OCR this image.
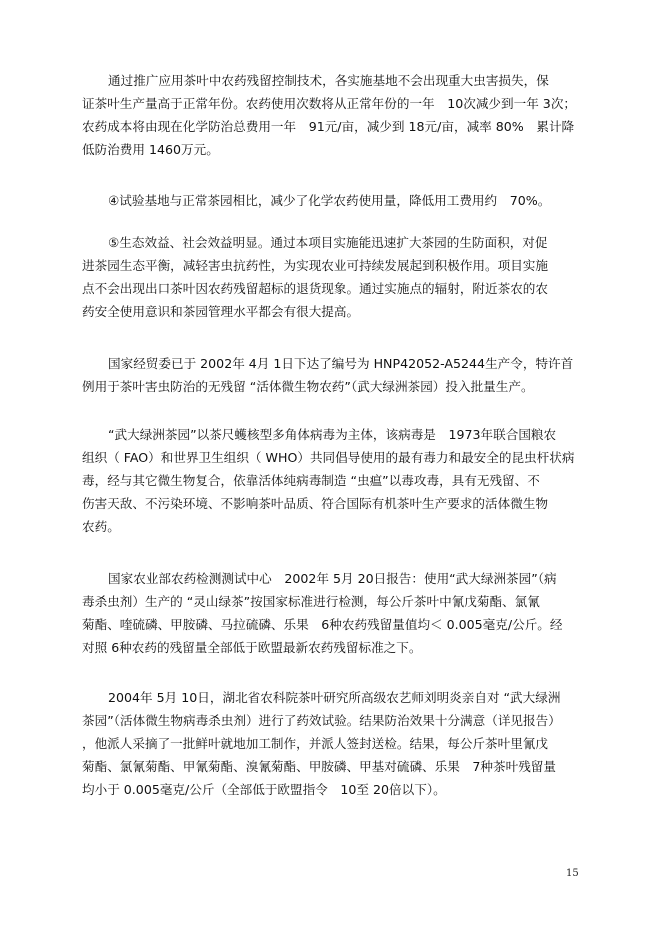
通过推广应用茶叶中农药残留控制技术，各实施基地不会出现重大虫害损失，保
证茶叶生产量高于正常年份。农药使用次数将从正常年份的一年　10次减少到一年 3次；
农药成本将由现在化学防治总费用一年　91元/亩，减少到 18元/亩，减率 80%　累计降
低防治费用 1460万元。

④试验基地与正常茶园相比，减少了化学农药使用量，降低用工费用约　70%。

⑤生态效益、社会效益明显。通过本项目实施能迅速扩大茶园的生防面积，对促
进茶园生态平衡，减轻害虫抗药性，为实现农业可持续发展起到积极作用。项目实施
点不会出现出口茶叶因农药残留超标的退货现象。通过实施点的辐射，附近茶农的农
药安全使用意识和茶园管理水平都会有很大提高。

国家经贸委已于 2002年 4月 1日下达了编号为 HNP42052-A5244生产令，特许首
例用于茶叶害虫防治的无残留 “活体微生物农药”（武大绿洲茶园）投入批量生产。

“武大绿洲茶园”以茶尺蠖核型多角体病毒为主体，该病毒是　1973年联合国粮农
组织（ FAO）和世界卫生组织（ WHO）共同倡导使用的最有毒力和最安全的昆虫杆状病
毒，经与其它微生物复合，依靠活体纯病毒制造 “虫瘟”以毒攻毒，具有无残留、不
伤害天敌、不污染环境、不影响茶叶品质、符合国际有机茶叶生产要求的活体微生物
农药。

国家农业部农药检测测试中心　2002年 5月 20日报告：使用“武大绿洲茶园”（病
毒杀虫剂）生产的 “灵山绿茶”按国家标准进行检测，每公斤茶叶中氰戊菊酯、氯氰
菊酯、喹硫磷、甲胺磷、马拉硫磷、乐果　6种农药残留量值均＜ 0.005毫克/公斤。经
对照 6种农药的残留量全部低于欧盟最新农药残留标准之下。

2004年 5月 10日，湖北省农科院茶叶研究所高级农艺师刘明炎亲自对 “武大绿洲
茶园”（活体微生物病毒杀虫剂）进行了药效试验。结果防治效果十分满意（详见报告）
，他派人采摘了一批鲜叶就地加工制作，并派人签封送检。结果，每公斤茶叶里氰戊
菊酯、氯氰菊酯、甲氰菊酯、溴氰菊酯、甲胺磷、甲基对硫磷、乐果　7种茶叶残留量
均小于 0.005毫克/公斤（全部低于欧盟指令　10至 20倍以下）。

15
